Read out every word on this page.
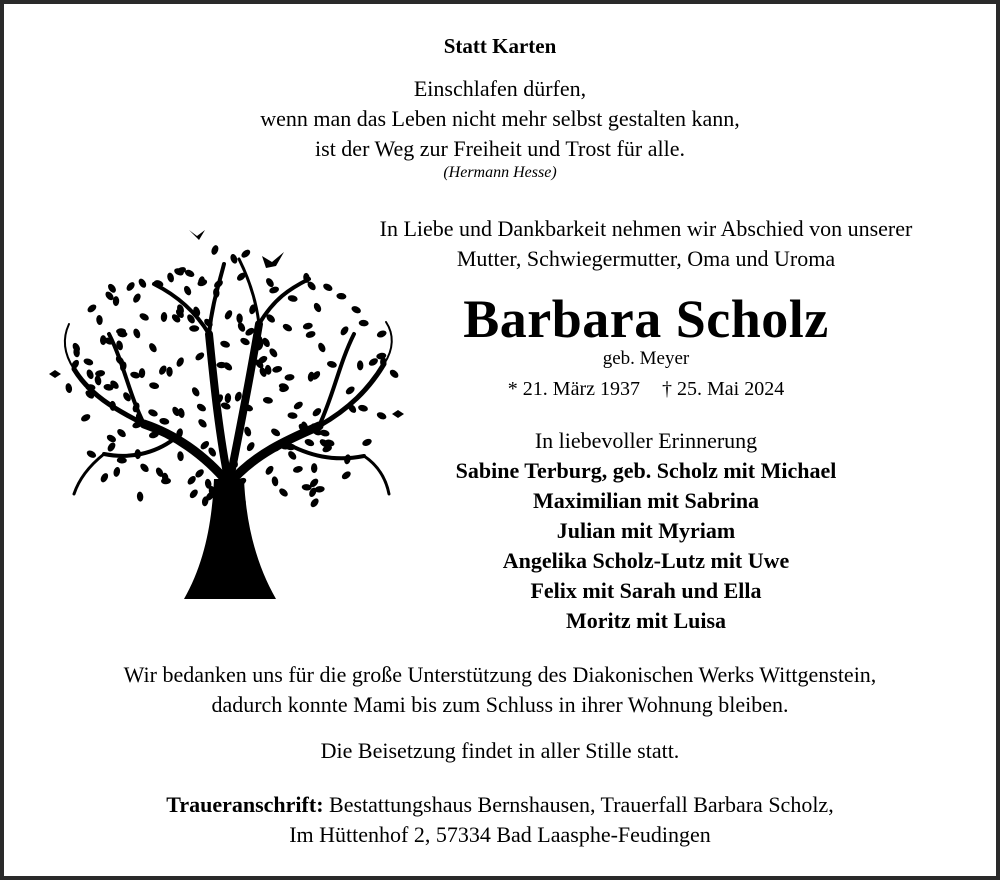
Statt Karten
Einschlafen dürfen,
wenn man das Leben nicht mehr selbst gestalten kann,
ist der Weg zur Freiheit und Trost für alle.
(Hermann Hesse)
In Liebe und Dankbarkeit nehmen wir Abschied von unserer
Mutter, Schwiegermutter, Oma und Uroma
Barbara Scholz
geb. Meyer
* 21. März 1937 † 25. Mai 2024
In liebevoller Erinnerung
Sabine Terburg, geb. Scholz mit Michael
Maximilian mit Sabrina
Julian mit Myriam
Angelika Scholz-Lutz mit Uwe
Felix mit Sarah und Ella
Moritz mit Luisa
Wir bedanken uns für die große Unterstützung des Diakonischen Werks Wittgenstein,
dadurch konnte Mami bis zum Schluss in ihrer Wohnung bleiben.
Die Beisetzung findet in aller Stille statt.
Traueranschrift: Bestattungshaus Bernshausen, Trauerfall Barbara Scholz,
Im Hüttenhof 2, 57334 Bad Laasphe-Feudingen
